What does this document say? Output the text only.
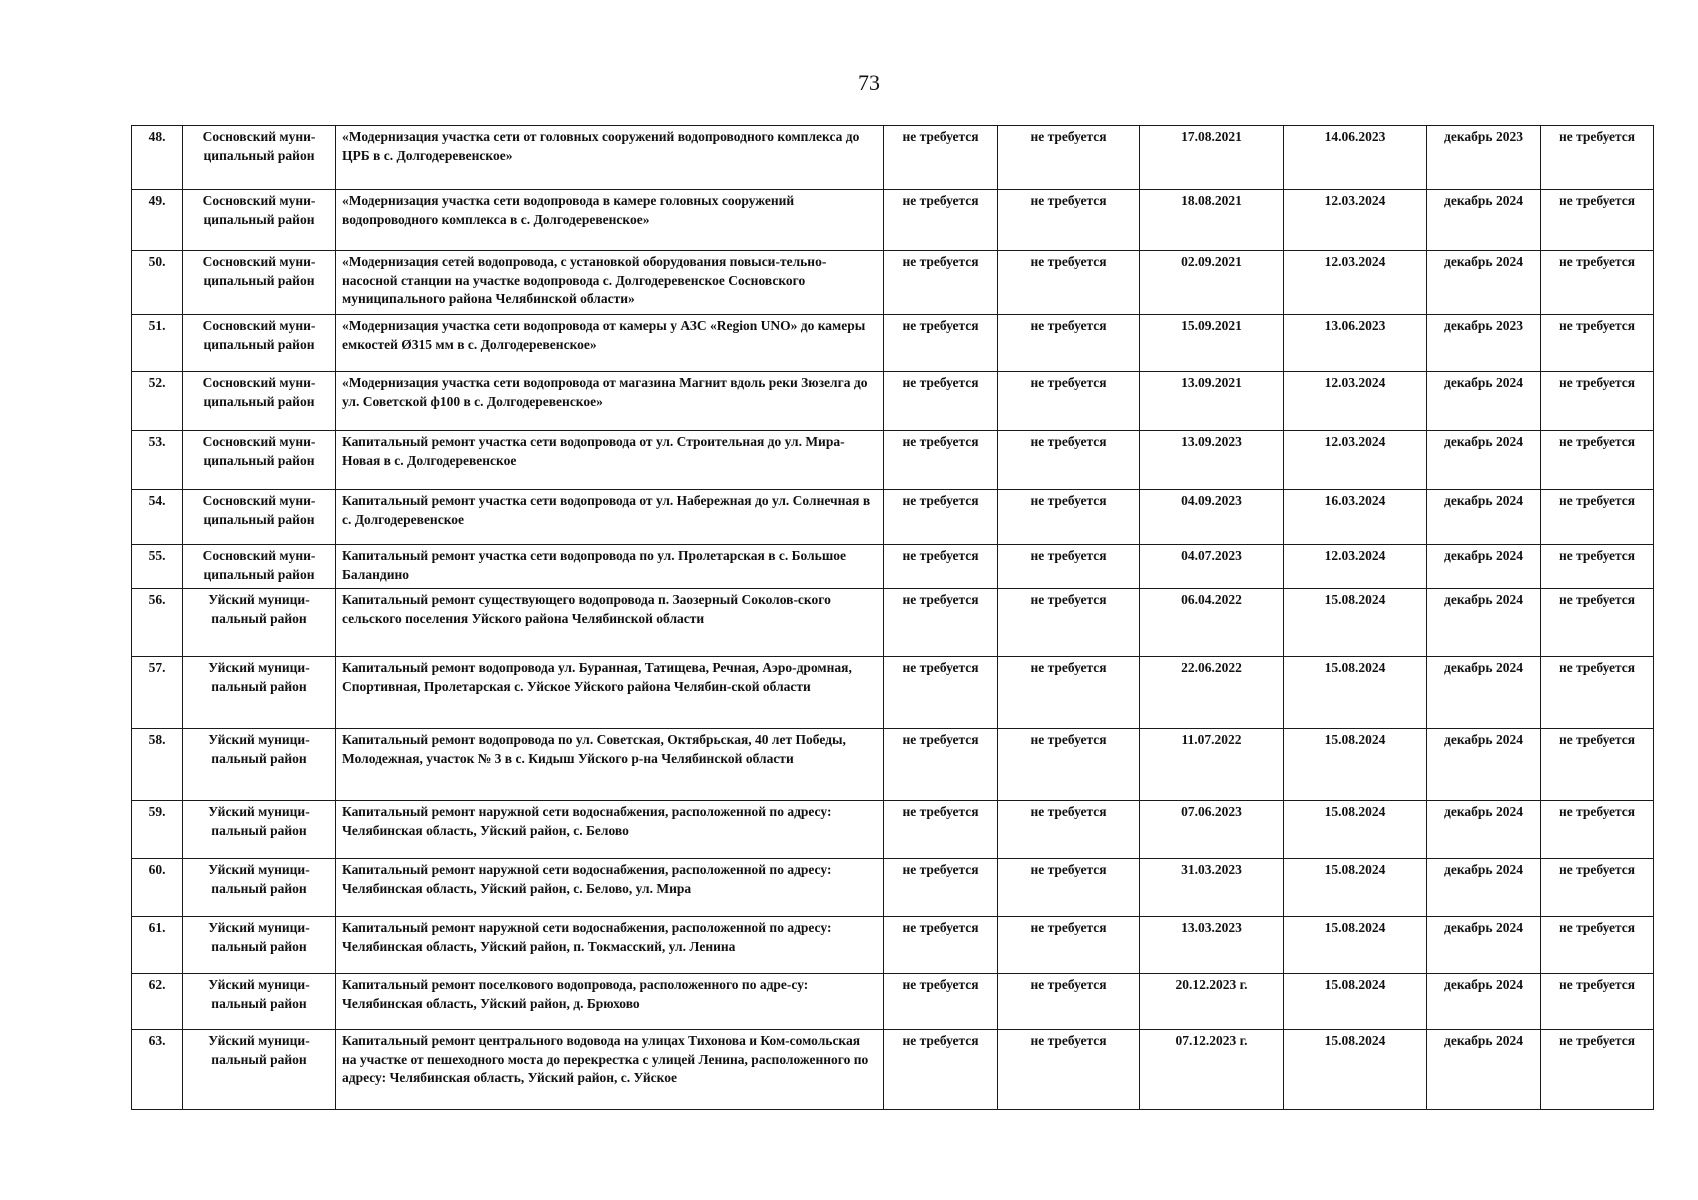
73
48.	Сосновский муни-ципальный район	«Модернизация участка сети от головных сооружений водопроводного комплекса до ЦРБ в с. Долгодеревенское»	не требуется	не требуется	17.08.2021	14.06.2023	декабрь 2023	не требуется
49.	Сосновский муни-ципальный район	«Модернизация участка сети водопровода в камере головных сооружений водопроводного комплекса в с. Долгодеревенское»	не требуется	не требуется	18.08.2021	12.03.2024	декабрь 2024	не требуется
50.	Сосновский муни-ципальный район	«Модернизация сетей водопровода, с установкой оборудования повыси-тельно-насосной станции на участке водопровода с. Долгодеревенское Сосновского муниципального района Челябинской области»	не требуется	не требуется	02.09.2021	12.03.2024	декабрь 2024	не требуется
51.	Сосновский муни-ципальный район	«Модернизация участка сети водопровода от камеры у АЗС «Region UNO» до камеры емкостей Ø315 мм в с. Долгодеревенское»	не требуется	не требуется	15.09.2021	13.06.2023	декабрь 2023	не требуется
52.	Сосновский муни-ципальный район	«Модернизация участка сети водопровода от магазина Магнит вдоль реки Зюзелга до ул. Советской ф100 в с. Долгодеревенское»	не требуется	не требуется	13.09.2021	12.03.2024	декабрь 2024	не требуется
53.	Сосновский муни-ципальный район	Капитальный ремонт участка сети водопровода от ул. Строительная до ул. Мира-Новая в с. Долгодеревенское	не требуется	не требуется	13.09.2023	12.03.2024	декабрь 2024	не требуется
54.	Сосновский муни-ципальный район	Капитальный ремонт участка сети водопровода от ул. Набережная до ул. Солнечная в с. Долгодеревенское	не требуется	не требуется	04.09.2023	16.03.2024	декабрь 2024	не требуется
55.	Сосновский муни-ципальный район	Капитальный ремонт участка сети водопровода по ул. Пролетарская в с. Большое Баландино	не требуется	не требуется	04.07.2023	12.03.2024	декабрь 2024	не требуется
56.	Уйский муници-пальный район	Капитальный ремонт существующего водопровода п. Заозерный Соколов-ского сельского поселения Уйского района Челябинской области	не требуется	не требуется	06.04.2022	15.08.2024	декабрь 2024	не требуется
57.	Уйский муници-пальный район	Капитальный ремонт водопровода ул. Буранная, Татищева, Речная, Аэро-дромная, Спортивная, Пролетарская с. Уйское Уйского района Челябин-ской области	не требуется	не требуется	22.06.2022	15.08.2024	декабрь 2024	не требуется
58.	Уйский муници-пальный район	Капитальный ремонт водопровода по ул. Советская, Октябрьская, 40 лет Победы, Молодежная, участок № 3 в с. Кидыш Уйского р-на Челябинской области	не требуется	не требуется	11.07.2022	15.08.2024	декабрь 2024	не требуется
59.	Уйский муници-пальный район	Капитальный ремонт наружной сети водоснабжения, расположенной по адресу: Челябинская область, Уйский район, с. Белово	не требуется	не требуется	07.06.2023	15.08.2024	декабрь 2024	не требуется
60.	Уйский муници-пальный район	Капитальный ремонт наружной сети водоснабжения, расположенной по адресу: Челябинская область, Уйский район, с. Белово, ул. Мира	не требуется	не требуется	31.03.2023	15.08.2024	декабрь 2024	не требуется
61.	Уйский муници-пальный район	Капитальный ремонт наружной сети водоснабжения, расположенной по адресу: Челябинская область, Уйский район, п. Токмасский, ул. Ленина	не требуется	не требуется	13.03.2023	15.08.2024	декабрь 2024	не требуется
62.	Уйский муници-пальный район	Капитальный ремонт поселкового водопровода, расположенного по адре-су: Челябинская область, Уйский район, д. Брюхово	не требуется	не требуется	20.12.2023 г.	15.08.2024	декабрь 2024	не требуется
63.	Уйский муници-пальный район	Капитальный ремонт центрального водовода на улицах Тихонова и Ком-сомольская на участке от пешеходного моста до перекрестка с улицей Ленина, расположенного по адресу: Челябинская область, Уйский район, с. Уйское	не требуется	не требуется	07.12.2023 г.	15.08.2024	декабрь 2024	не требуется
